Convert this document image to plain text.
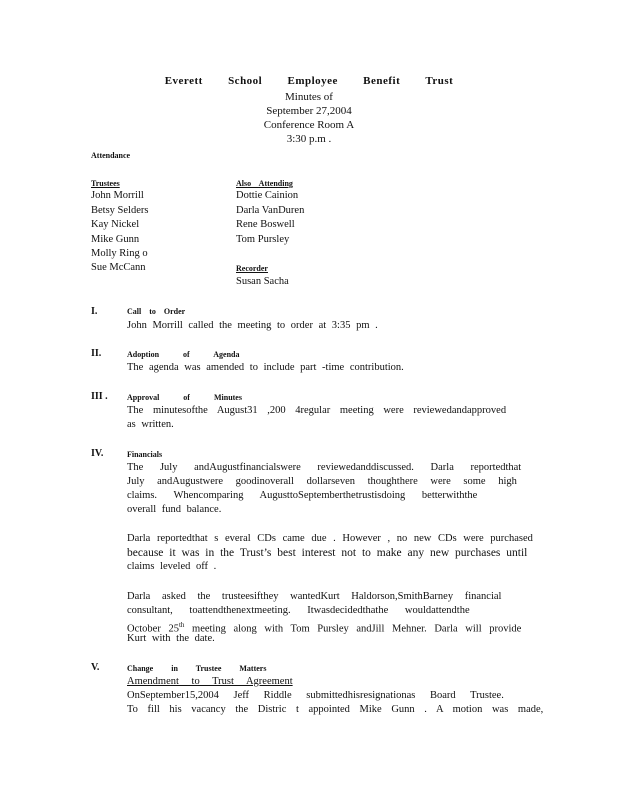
Everett School Employee Benefit Trust
Minutes of
September 27,2004
Conference Room A
3:30 p.m .
Attendance
Trustees
John Morrill
Betsy Selders
Kay Nickel
Mike Gunn
Molly Ring o
Sue McCann
Also Attending
Dottie Cainion
Darla VanDuren
Rene Boswell
Tom Pursley
Recorder
Susan Sacha
I.	Call to Order
John Morrill called the meeting to order at 3:35 pm .
II.	Adoption of Agenda
The agenda was amended to include part -time contribution.
III . Approval of Minutes
The minutesofthe August31 ,200 4regular meeting were reviewedandapproved
as written.
IV.	Financials
The July andAugustfinancialswere reviewedanddiscussed. Darla reportedthat
July andAugustwere goodinoverall dollarseven thoughthere were some high
claims. Whencomparing AugusttoSeptemberthetrustisdoing betterwiththe
overall fund balance.
Darla reportedthat s everal CDs came due . However , no new CDs were purchased
because it was in the Trust’s best interest not to make any new purchases until
claims leveled off .
Darla asked the trusteesifthey wantedKurt Haldorson,SmithBarney financial
consultant, toattendthenextmeeting. Itwasdecidedthathe wouldattendthe
October 25th meeting along with Tom Pursley andJill Mehner. Darla will provide
Kurt with the date.
V.	Change in Trustee Matters
Amendment to Trust Agreement
OnSeptember15,2004 Jeff Riddle submittedhisresignationas Board Trustee.
To fill his vacancy the Distric t appointed Mike Gunn . A motion was made,
